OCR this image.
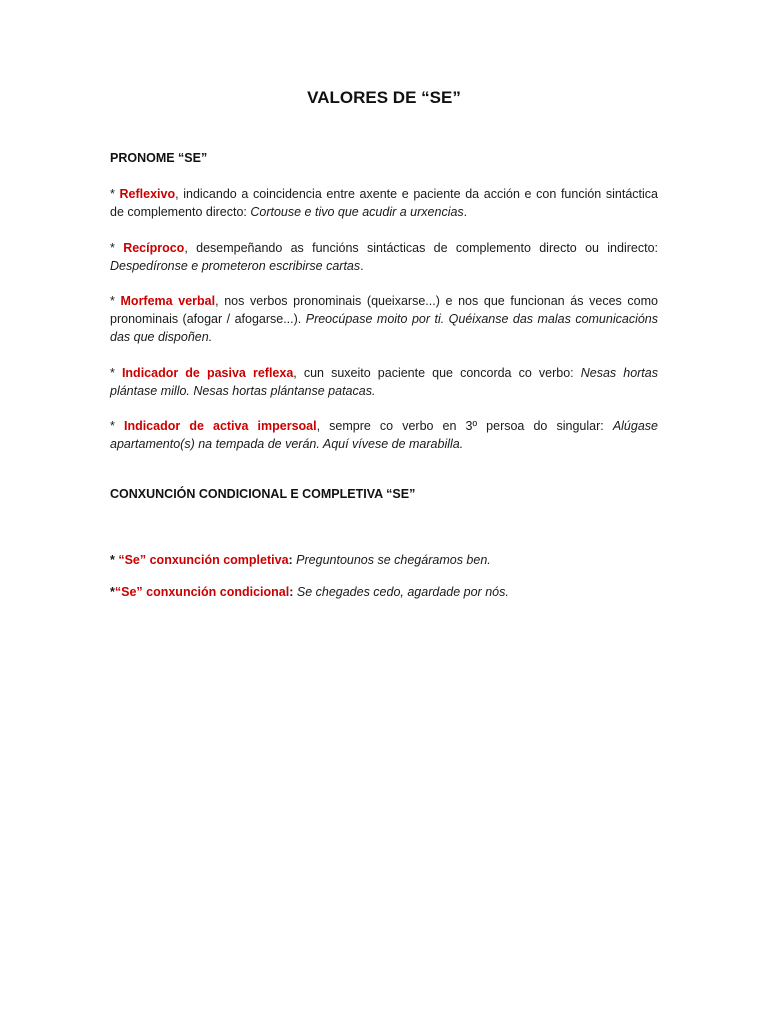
VALORES DE “SE”
PRONOME “SE”

* Reflexivo, indicando a coincidencia entre axente e paciente da acción e con función sintáctica de complemento directo: Cortouse e tivo que acudir a urxencias.

* Recíproco, desempeñando as funcións sintácticas de complemento directo ou indirecto: Despedíronse e prometeron escribirse cartas.

* Morfema verbal, nos verbos pronominais (queixarse...) e nos que funcionan ás veces como pronominais (afogar / afogarse...). Preocúpase moito por ti. Quéixanse das malas comunicacións das que dispoñen.

* Indicador de pasiva reflexa, cun suxeito paciente que concorda co verbo: Nesas hortas plántase millo. Nesas hortas plántanse patacas.

* Indicador de activa impersoal, sempre co verbo en 3º persoa do singular: Alúgase apartamento(s) na tempada de verán. Aquí vívese de marabilla.

CONXUNCIÓN CONDICIONAL E COMPLETIVA “SE”

* “Se” conxunción completiva: Preguntounos se chegáramos ben.

*“Se” conxunción condicional: Se chegades cedo, agardade por nós.
